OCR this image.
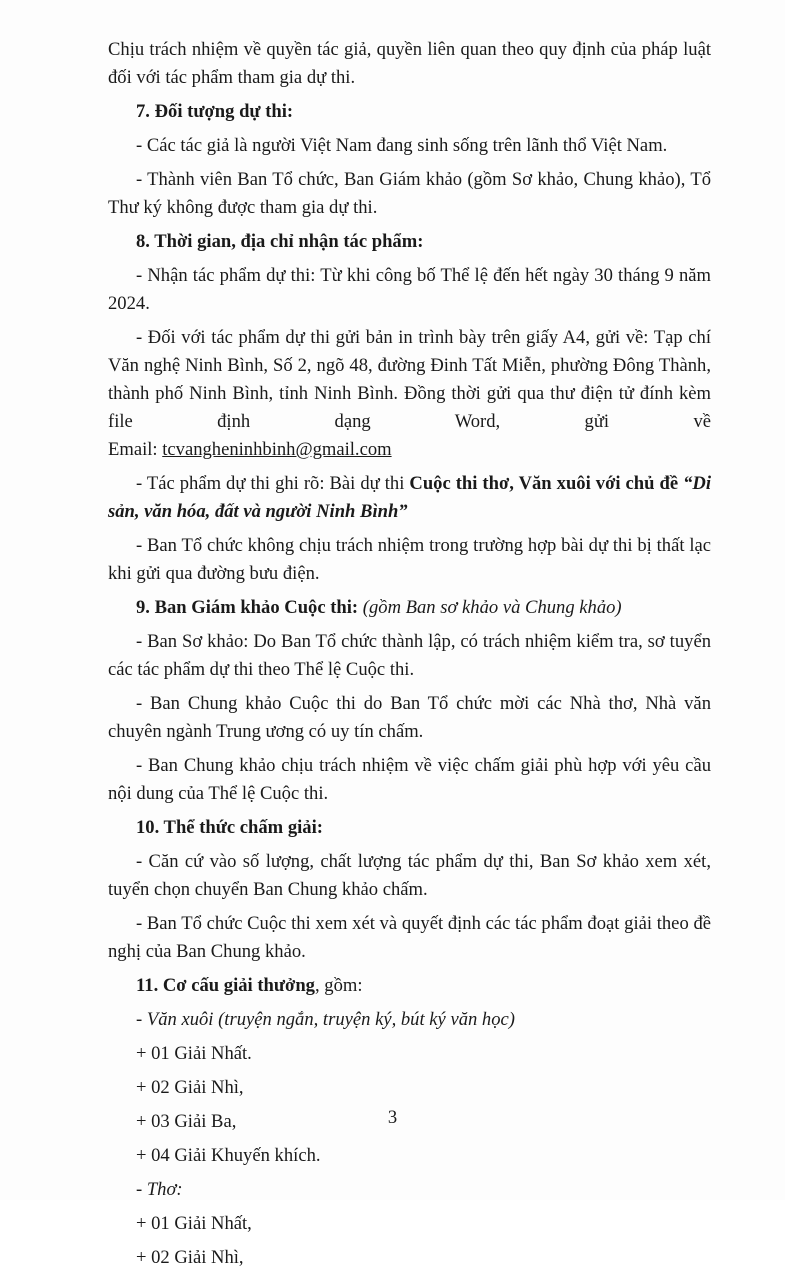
Chịu trách nhiệm về quyền tác giả, quyền liên quan theo quy định của pháp luật đối với tác phẩm tham gia dự thi.

7. Đối tượng dự thi:

- Các tác giả là người Việt Nam đang sinh sống trên lãnh thổ Việt Nam.

- Thành viên Ban Tổ chức, Ban Giám khảo (gồm Sơ khảo, Chung khảo), Tổ Thư ký không được tham gia dự thi.

8. Thời gian, địa chỉ nhận tác phẩm:

- Nhận tác phẩm dự thi: Từ khi công bố Thể lệ đến hết ngày 30 tháng 9 năm 2024.

- Đối với tác phẩm dự thi gửi bản in trình bày trên giấy A4, gửi về: Tạp chí Văn nghệ Ninh Bình, Số 2, ngõ 48, đường Đinh Tất Miễn, phường Đông Thành, thành phố Ninh Bình, tỉnh Ninh Bình. Đồng thời gửi qua thư điện tử đính kèm file định dạng Word, gửi về

Email: tcvangheninhbinh@gmail.com

- Tác phẩm dự thi ghi rõ: Bài dự thi Cuộc thi thơ, Văn xuôi với chủ đề “Di sản, văn hóa, đất và người Ninh Bình”

- Ban Tổ chức không chịu trách nhiệm trong trường hợp bài dự thi bị thất lạc khi gửi qua đường bưu điện.

9. Ban Giám khảo Cuộc thi: (gồm Ban sơ khảo và Chung khảo)

- Ban Sơ khảo: Do Ban Tổ chức thành lập, có trách nhiệm kiểm tra, sơ tuyển các tác phẩm dự thi theo Thể lệ Cuộc thi.

- Ban Chung khảo Cuộc thi do Ban Tổ chức mời các Nhà thơ, Nhà văn chuyên ngành Trung ương có uy tín chấm.

- Ban Chung khảo chịu trách nhiệm về việc chấm giải phù hợp với yêu cầu nội dung của Thể lệ Cuộc thi.

10. Thể thức chấm giải:

- Căn cứ vào số lượng, chất lượng tác phẩm dự thi, Ban Sơ khảo xem xét, tuyển chọn chuyển Ban Chung khảo chấm.

- Ban Tổ chức Cuộc thi xem xét và quyết định các tác phẩm đoạt giải theo đề nghị của Ban Chung khảo.

11. Cơ cấu giải thưởng, gồm:

- Văn xuôi (truyện ngắn, truyện ký, bút ký văn học)

+ 01 Giải Nhất.

+ 02 Giải Nhì,

+ 03 Giải Ba,

+ 04 Giải Khuyến khích.

- Thơ:

+ 01 Giải Nhất,

+ 02 Giải Nhì,

3
